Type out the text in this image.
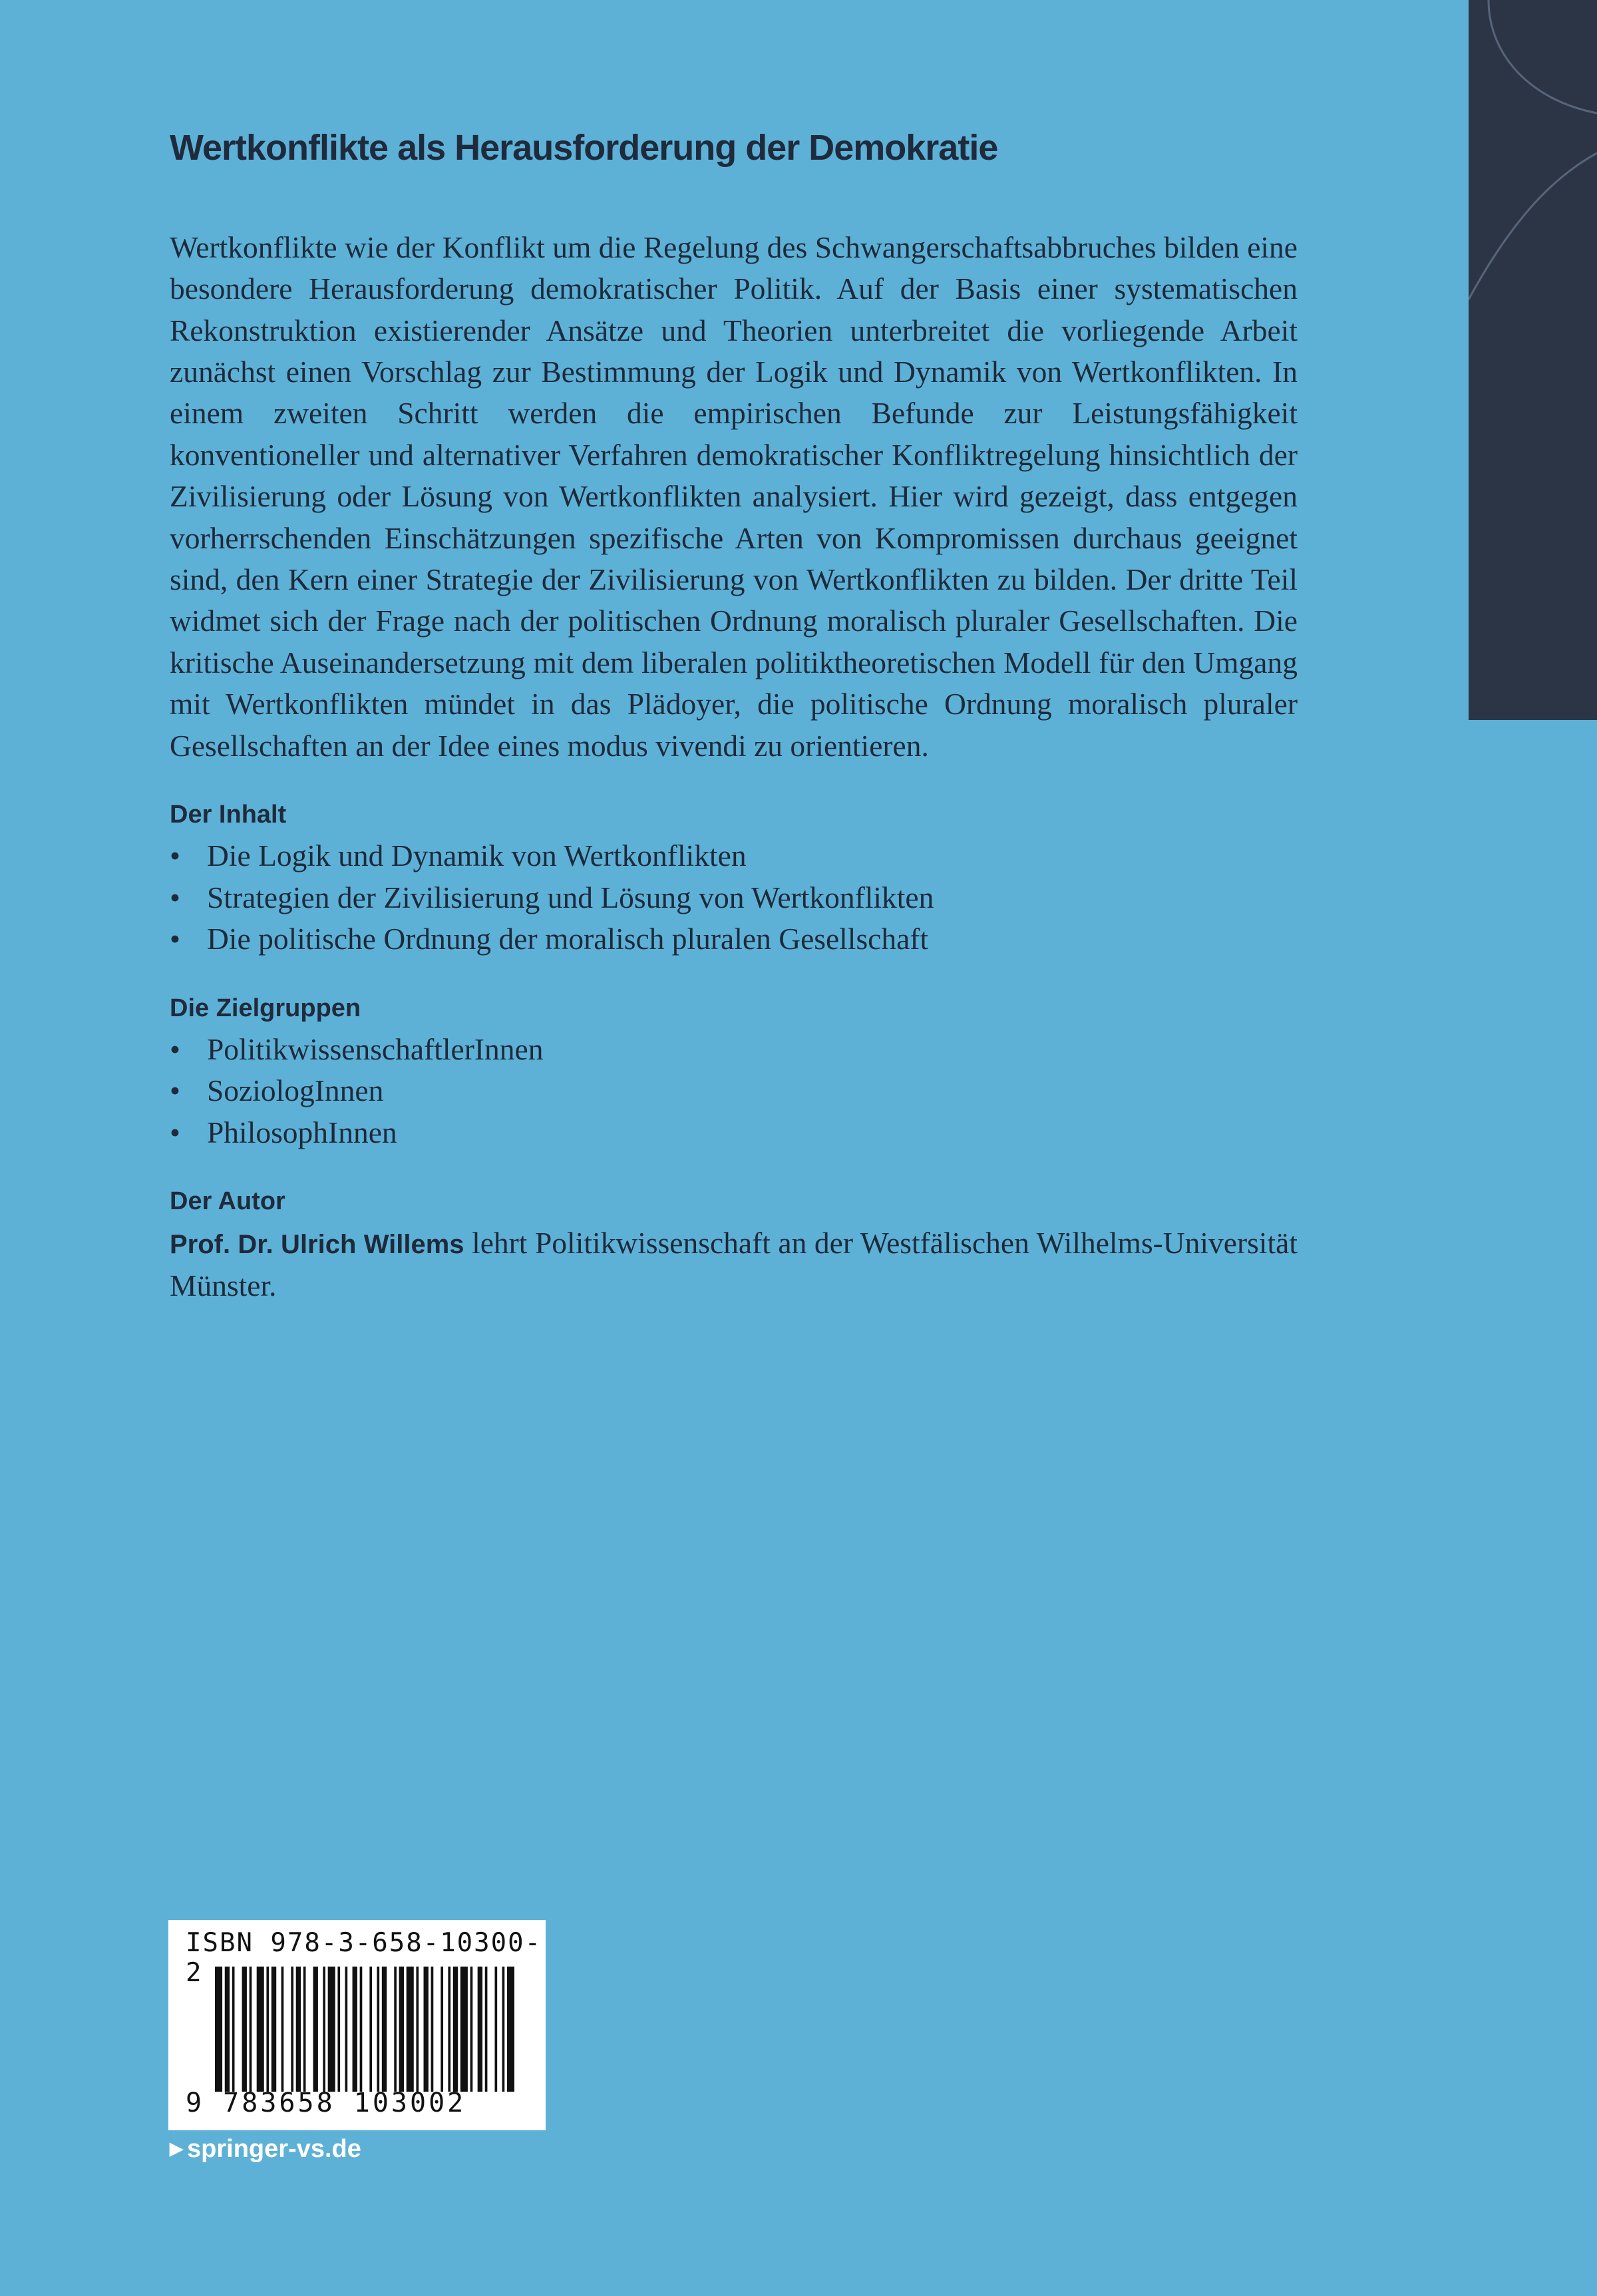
Wertkonflikte als Herausforderung der Demokratie

Wertkonflikte wie der Konflikt um die Regelung des Schwangerschaftsabbruches bilden eine besondere Herausforderung demokratischer Politik. Auf der Basis einer systematischen Rekonstruktion existierender Ansätze und Theorien unterbreitet die vorliegende Arbeit zunächst einen Vorschlag zur Bestimmung der Logik und Dynamik von Wertkonflikten. In einem zweiten Schritt werden die empirischen Befunde zur Leistungsfähigkeit konventioneller und alternativer Verfahren demokratischer Konfliktregelung hinsichtlich der Zivilisierung oder Lösung von Wertkonflikten analysiert. Hier wird gezeigt, dass entgegen vorherrschenden Einschätzungen spezifische Arten von Kompromissen durchaus geeignet sind, den Kern einer Strategie der Zivilisierung von Wertkonflikten zu bilden. Der dritte Teil widmet sich der Frage nach der politischen Ordnung moralisch pluraler Gesellschaften. Die kritische Auseinandersetzung mit dem liberalen politiktheoretischen Modell für den Umgang mit Wertkonflikten mündet in das Plädoyer, die politische Ordnung moralisch pluraler Gesellschaften an der Idee eines modus vivendi zu orientieren.

Der Inhalt
• Die Logik und Dynamik von Wertkonflikten
• Strategien der Zivilisierung und Lösung von Wertkonflikten
• Die politische Ordnung der moralisch pluralen Gesellschaft
Die Zielgruppen
• PolitikwissenschaftlerInnen
• SoziologInnen
• PhilosophInnen
Der Autor

Prof. Dr. Ulrich Willems lehrt Politikwissenschaft an der Westfälischen Wilhelms-Universität Münster.

ISBN 978-3-658-10300-2
9 783658 103002
▶ springer-vs.de
